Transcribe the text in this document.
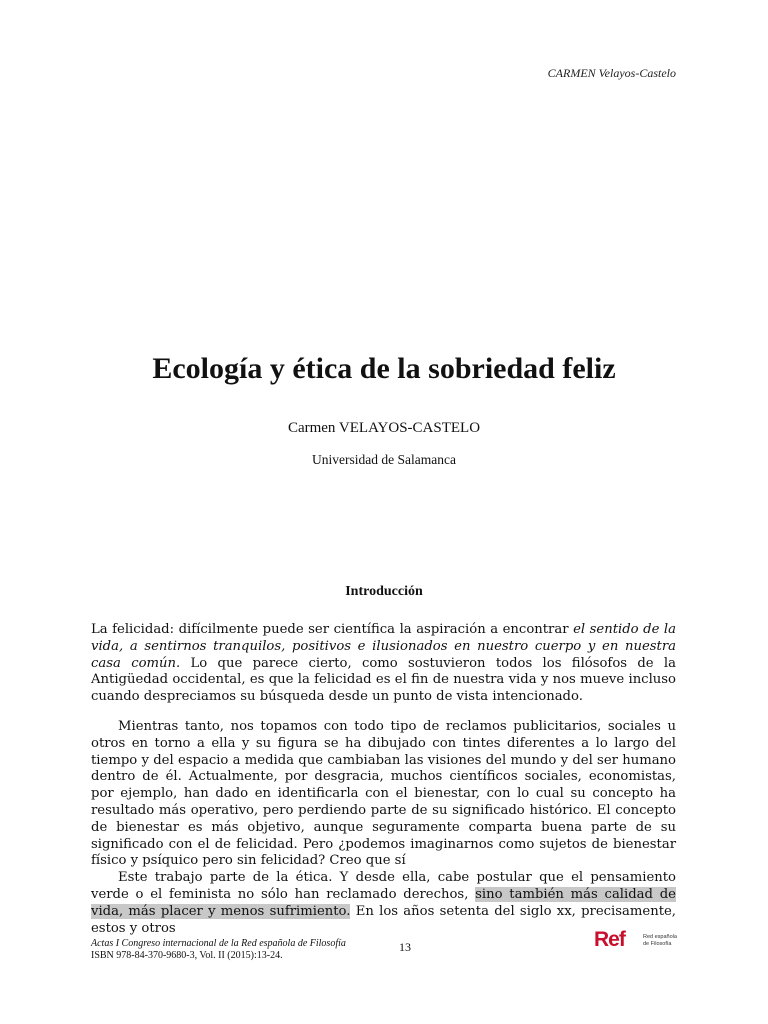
CARMEN Velayos-Castelo
Ecología y ética de la sobriedad feliz
Carmen VELAYOS-CASTELO
Universidad de Salamanca
Introducción

La felicidad: difícilmente puede ser científica la aspiración a encontrar el sentido de la vida, a sentirnos tranquilos, positivos e ilusionados en nuestro cuerpo y en nuestra casa común. Lo que parece cierto, como sostuvieron todos los filósofos de la Antigüedad occidental, es que la felicidad es el fin de nuestra vida y nos mueve incluso cuando despreciamos su búsqueda desde un punto de vista intencionado.

Mientras tanto, nos topamos con todo tipo de reclamos publicitarios, sociales u otros en torno a ella y su figura se ha dibujado con tintes diferentes a lo largo del tiempo y del espacio a medida que cambiaban las visiones del mundo y del ser humano dentro de él. Actualmente, por desgracia, muchos científicos sociales, economistas, por ejemplo, han dado en identificarla con el bienestar, con lo cual su concepto ha resultado más operativo, pero perdiendo parte de su significado histórico. El concepto de bienestar es más objetivo, aunque seguramente comparta buena parte de su significado con el de felicidad. Pero ¿podemos imaginarnos como sujetos de bienestar físico y psíquico pero sin felicidad? Creo que sí

Este trabajo parte de la ética. Y desde ella, cabe postular que el pensamiento verde o el feminista no sólo han reclamado derechos, sino también más calidad de vida, más placer y menos sufrimiento. En los años setenta del siglo xx, precisamente, estos y otros

Actas I Congreso internacional de la Red española de Filosofía
ISBN 978-84-370-9680-3, Vol. II (2015):13-24.
13	Ref	Red española
de Filosofía
